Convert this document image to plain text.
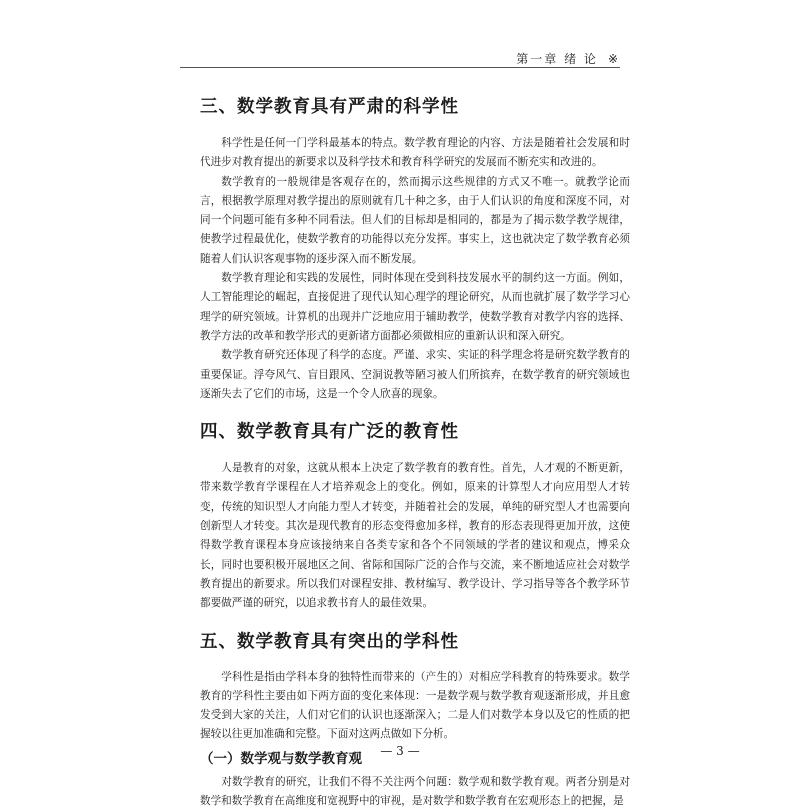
第一章 绪 论 ※
三、数学教育具有严肃的科学性

科学性是任何一门学科最基本的特点。数学教育理论的内容、方法是随着社会发展和时代进步对教育提出的新要求以及科学技术和教育科学研究的发展而不断充实和改进的。

数学教育的一般规律是客观存在的，然而揭示这些规律的方式又不唯一。就教学论而言，根据教学原理对教学提出的原则就有几十种之多，由于人们认识的角度和深度不同，对同一个问题可能有多种不同看法。但人们的目标却是相同的，都是为了揭示数学教学规律，使教学过程最优化，使数学教育的功能得以充分发挥。事实上，这也就决定了数学教育必须随着人们认识客观事物的逐步深入而不断发展。

数学教育理论和实践的发展性，同时体现在受到科技发展水平的制约这一方面。例如，人工智能理论的崛起，直接促进了现代认知心理学的理论研究，从而也就扩展了数学学习心理学的研究领域。计算机的出现并广泛地应用于辅助教学，使数学教育对教学内容的选择、教学方法的改革和教学形式的更新诸方面都必须做相应的重新认识和深入研究。

数学教育研究还体现了科学的态度。严谨、求实、实证的科学理念将是研究数学教育的重要保证。浮夸风气、盲目跟风、空洞说教等陋习被人们所摈弃，在数学教育的研究领域也逐渐失去了它们的市场，这是一个令人欣喜的现象。

四、数学教育具有广泛的教育性

人是教育的对象，这就从根本上决定了数学教育的教育性。首先，人才观的不断更新，带来数学教育学课程在人才培养观念上的变化。例如，原来的计算型人才向应用型人才转变，传统的知识型人才向能力型人才转变，并随着社会的发展，单纯的研究型人才也需要向创新型人才转变。其次是现代教育的形态变得愈加多样，教育的形态表现得更加开放，这使得数学教育课程本身应该接纳来自各类专家和各个不同领域的学者的建议和观点，博采众长，同时也要积极开展地区之间、省际和国际广泛的合作与交流，来不断地适应社会对数学教育提出的新要求。所以我们对课程安排、教材编写、教学设计、学习指导等各个教学环节都要做严谨的研究，以追求教书育人的最佳效果。

五、数学教育具有突出的学科性

学科性是指由学科本身的独特性而带来的（产生的）对相应学科教育的特殊要求。数学教育的学科性主要由如下两方面的变化来体现：一是数学观与数学教育观逐渐形成，并且愈发受到大家的关注，人们对它们的认识也逐渐深入；二是人们对数学本身以及它的性质的把握较以往更加准确和完整。下面对这两点做如下分析。

（一）数学观与数学教育观

对数学教育的研究，让我们不得不关注两个问题：数学观和数学教育观。两者分别是对数学和数学教育在高维度和宽视野中的审视，是对数学和数学教育在宏观形态上的把握，是

— 3 —
